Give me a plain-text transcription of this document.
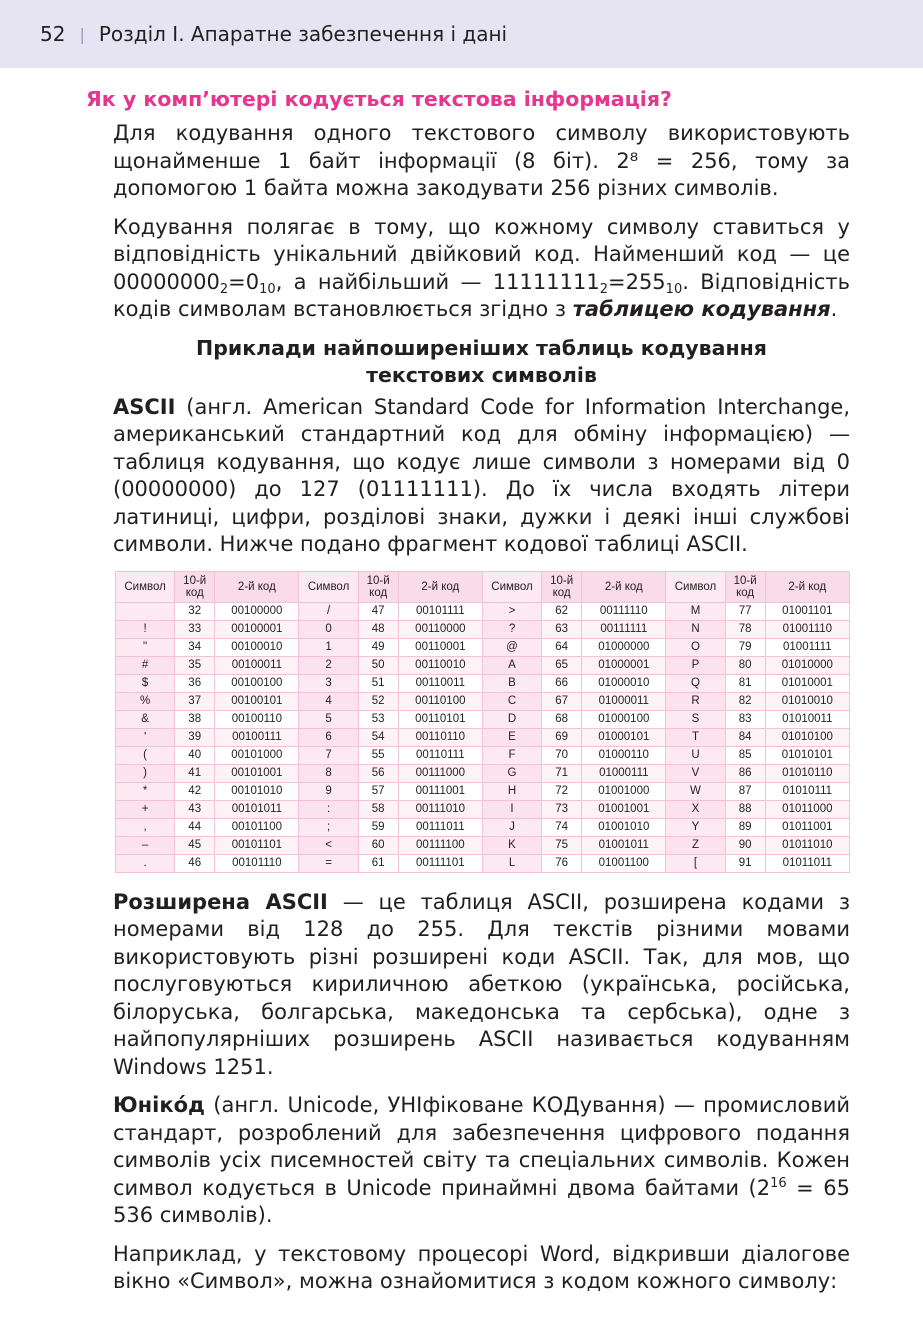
52 | Розділ І. Апаратне забезпечення і дані
Як у комп’ютері кодується текстова інформація?

Для кодування одного текстового символу використовують щонайменше 1 байт інформації (8 біт). 2⁸ = 256, тому за допомогою 1 байта можна закодувати 256 різних символів.

Кодування полягає в тому, що кожному символу ставиться у відповідність унікальний двійковий код. Найменший код — це $00000000_2=0_{10}$, а найбільший — $11111111_2=255_{10}$. Відповідність кодів символам встановлюється згідно з таблицею кодування.

Приклади найпоширеніших таблиць кодування
текстових символів

ASCII (англ. American Standard Code for Information Interchange, американський стандартний код для обміну інформацією) — таблиця кодування, що кодує лише символи з номерами від 0 (00000000) до 127 (01111111). До їх числа входять літери латиниці, цифри, розділові знаки, дужки і деякі інші службові символи. Нижче подано фрагмент кодової таблиці ASCII.

Символ	10-й код	2-й код	Символ	10-й код	2-й код	Символ	10-й код	2-й код	Символ	10-й код	2-й код
	32	00100000	/	47	00101111	>	62	00111110	M	77	01001101
!	33	00100001	0	48	00110000	?	63	00111111	N	78	01001110
"	34	00100010	1	49	00110001	@	64	01000000	O	79	01001111
#	35	00100011	2	50	00110010	A	65	01000001	P	80	01010000
$	36	00100100	3	51	00110011	B	66	01000010	Q	81	01010001
%	37	00100101	4	52	00110100	C	67	01000011	R	82	01010010
&	38	00100110	5	53	00110101	D	68	01000100	S	83	01010011
ʹ	39	00100111	6	54	00110110	E	69	01000101	T	84	01010100
(	40	00101000	7	55	00110111	F	70	01000110	U	85	01010101
)	41	00101001	8	56	00111000	G	71	01000111	V	86	01010110
*	42	00101010	9	57	00111001	H	72	01001000	W	87	01010111
+	43	00101011	:	58	00111010	I	73	01001001	X	88	01011000
,	44	00101100	;	59	00111011	J	74	01001010	Y	89	01011001
–	45	00101101	<	60	00111100	K	75	01001011	Z	90	01011010
.	46	00101110	=	61	00111101	L	76	01001100	[	91	01011011

Розширена ASCII — це таблиця ASCII, розширена кодами з номерами від 128 до 255. Для текстів різними мовами використовують різні розширені коди ASCII. Так, для мов, що послуговуються кириличною абеткою (українська, російська, білоруська, болгарська, македонська та сербська), одне з найпопулярніших розширень ASCII називається кодуванням Windows 1251.

Юніко́д (англ. Unicode, УНІфіковане КОДування) — промисловий стандарт, розроблений для забезпечення цифрового подання символів усіх писемностей світу та спеціальних символів. Кожен символ кодується в Unicode принаймні двома байтами ($2^{16} = 65$ 536 символів).

Наприклад, у текстовому процесорі Word, відкривши діалогове вікно «Символ», можна ознайомитися з кодом кожного символу:
